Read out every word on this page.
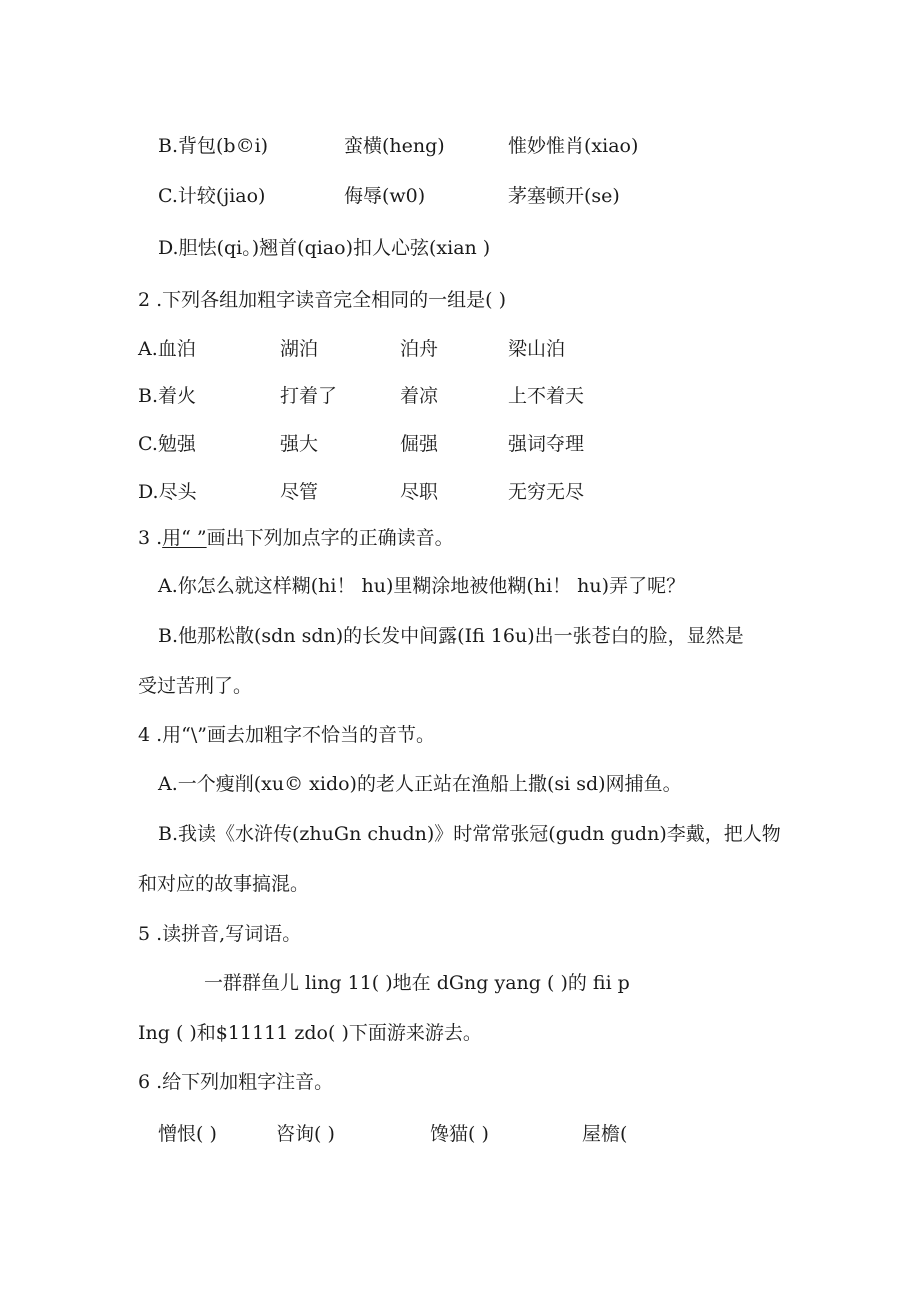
B.背包(b©i)	蛮横(heng)	惟妙惟肖(xiao)
C.计较(jiao)	侮辱(w0)	茅塞顿开(se)
D.胆怯(qi。)翘首(qiao)扣人心弦(xian )
2 .下列各组加粗字读音完全相同的一组是( )
A.血泊	湖泊	泊舟	梁山泊
B.着火	打着了	着凉	上不着天
C.勉强	强大	倔强	强词夺理
D.尽头	尽管	尽职	无穷无尽
3 .用“ ”画出下列加点字的正确读音。
A.你怎么就这样糊(hi！ hu)里糊涂地被他糊(hi！ hu)弄了呢？
B.他那松散(sdn sdn)的长发中间露(Ifi 16u)出一张苍白的脸，显然是
受过苦刑了。
4 .用“\”画去加粗字不恰当的音节。
A.一个瘦削(xu© xido)的老人正站在渔船上撒(si sd)网捕鱼。
B.我读《水浒传(zhuGn chudn)》时常常张冠(gudn gudn)李戴，把人物
和对应的故事搞混。
5 .读拼音,写词语。
一群群鱼儿 ling 11( )地在 dGng yang ( )的 fii p
Ing ( )和$11111 zdo( )下面游来游去。
6 .给下列加粗字注音。
憎恨( )	咨询( )	馋猫( )	屋檐(
